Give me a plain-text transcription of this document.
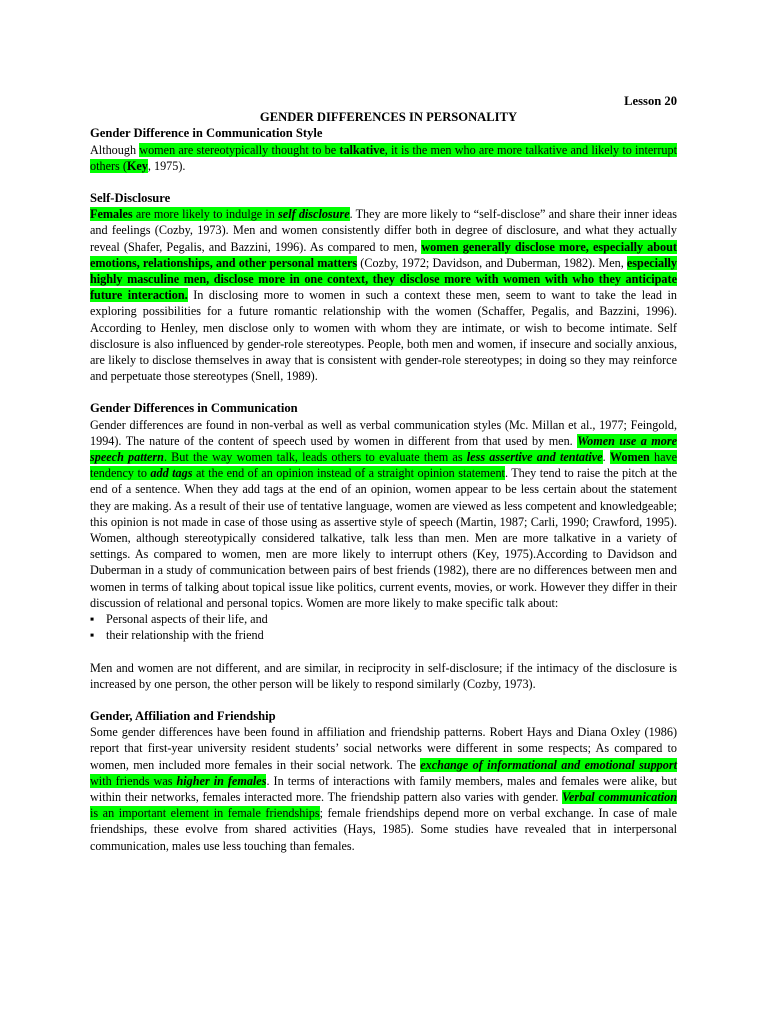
Lesson 20

GENDER DIFFERENCES IN PERSONALITY

Gender Difference in Communication Style

Although women are stereotypically thought to be talkative, it is the men who are more talkative and likely to interrupt others (Key, 1975).

Self-Disclosure

Females are more likely to indulge in self disclosure. They are more likely to “self-disclose” and share their inner ideas and feelings (Cozby, 1973). Men and women consistently differ both in degree of disclosure, and what they actually reveal (Shafer, Pegalis, and Bazzini, 1996). As compared to men, women generally disclose more, especially about emotions, relationships, and other personal matters (Cozby, 1972; Davidson, and Duberman, 1982). Men, especially highly masculine men, disclose more in one context, they disclose more with women with who they anticipate future interaction. In disclosing more to women in such a context these men, seem to want to take the lead in exploring possibilities for a future romantic relationship with the women (Schaffer, Pegalis, and Bazzini, 1996). According to Henley, men disclose only to women with whom they are intimate, or wish to become intimate. Self disclosure is also influenced by gender-role stereotypes. People, both men and women, if insecure and socially anxious, are likely to disclose themselves in away that is consistent with gender-role stereotypes; in doing so they may reinforce and perpetuate those stereotypes (Snell, 1989).

Gender Differences in Communication

Gender differences are found in non-verbal as well as verbal communication styles (Mc. Millan et al., 1977; Feingold, 1994). The nature of the content of speech used by women in different from that used by men. Women use a more speech pattern. But the way women talk, leads others to evaluate them as less assertive and tentative. Women have tendency to add tags at the end of an opinion instead of a straight opinion statement. They tend to raise the pitch at the end of a sentence. When they add tags at the end of an opinion, women appear to be less certain about the statement they are making. As a result of their use of tentative language, women are viewed as less competent and knowledgeable; this opinion is not made in case of those using as assertive style of speech (Martin, 1987; Carli, 1990; Crawford, 1995). Women, although stereotypically considered talkative, talk less than men. Men are more talkative in a variety of settings. As compared to women, men are more likely to interrupt others (Key, 1975).According to Davidson and Duberman in a study of communication between pairs of best friends (1982), there are no differences between men and women in terms of talking about topical issue like politics, current events, movies, or work. However they differ in their discussion of relational and personal topics. Women are more likely to make specific talk about:

▪ Personal aspects of their life, and
▪ their relationship with the friend

Men and women are not different, and are similar, in reciprocity in self-disclosure; if the intimacy of the disclosure is increased by one person, the other person will be likely to respond similarly (Cozby, 1973).

Gender, Affiliation and Friendship

Some gender differences have been found in affiliation and friendship patterns. Robert Hays and Diana Oxley (1986) report that first-year university resident students’ social networks were different in some respects; As compared to women, men included more females in their social network. The exchange of informational and emotional support with friends was higher in females. In terms of interactions with family members, males and females were alike, but within their networks, females interacted more. The friendship pattern also varies with gender. Verbal communication is an important element in female friendships; female friendships depend more on verbal exchange. In case of male friendships, these evolve from shared activities (Hays, 1985). Some studies have revealed that in interpersonal communication, males use less touching than females.
